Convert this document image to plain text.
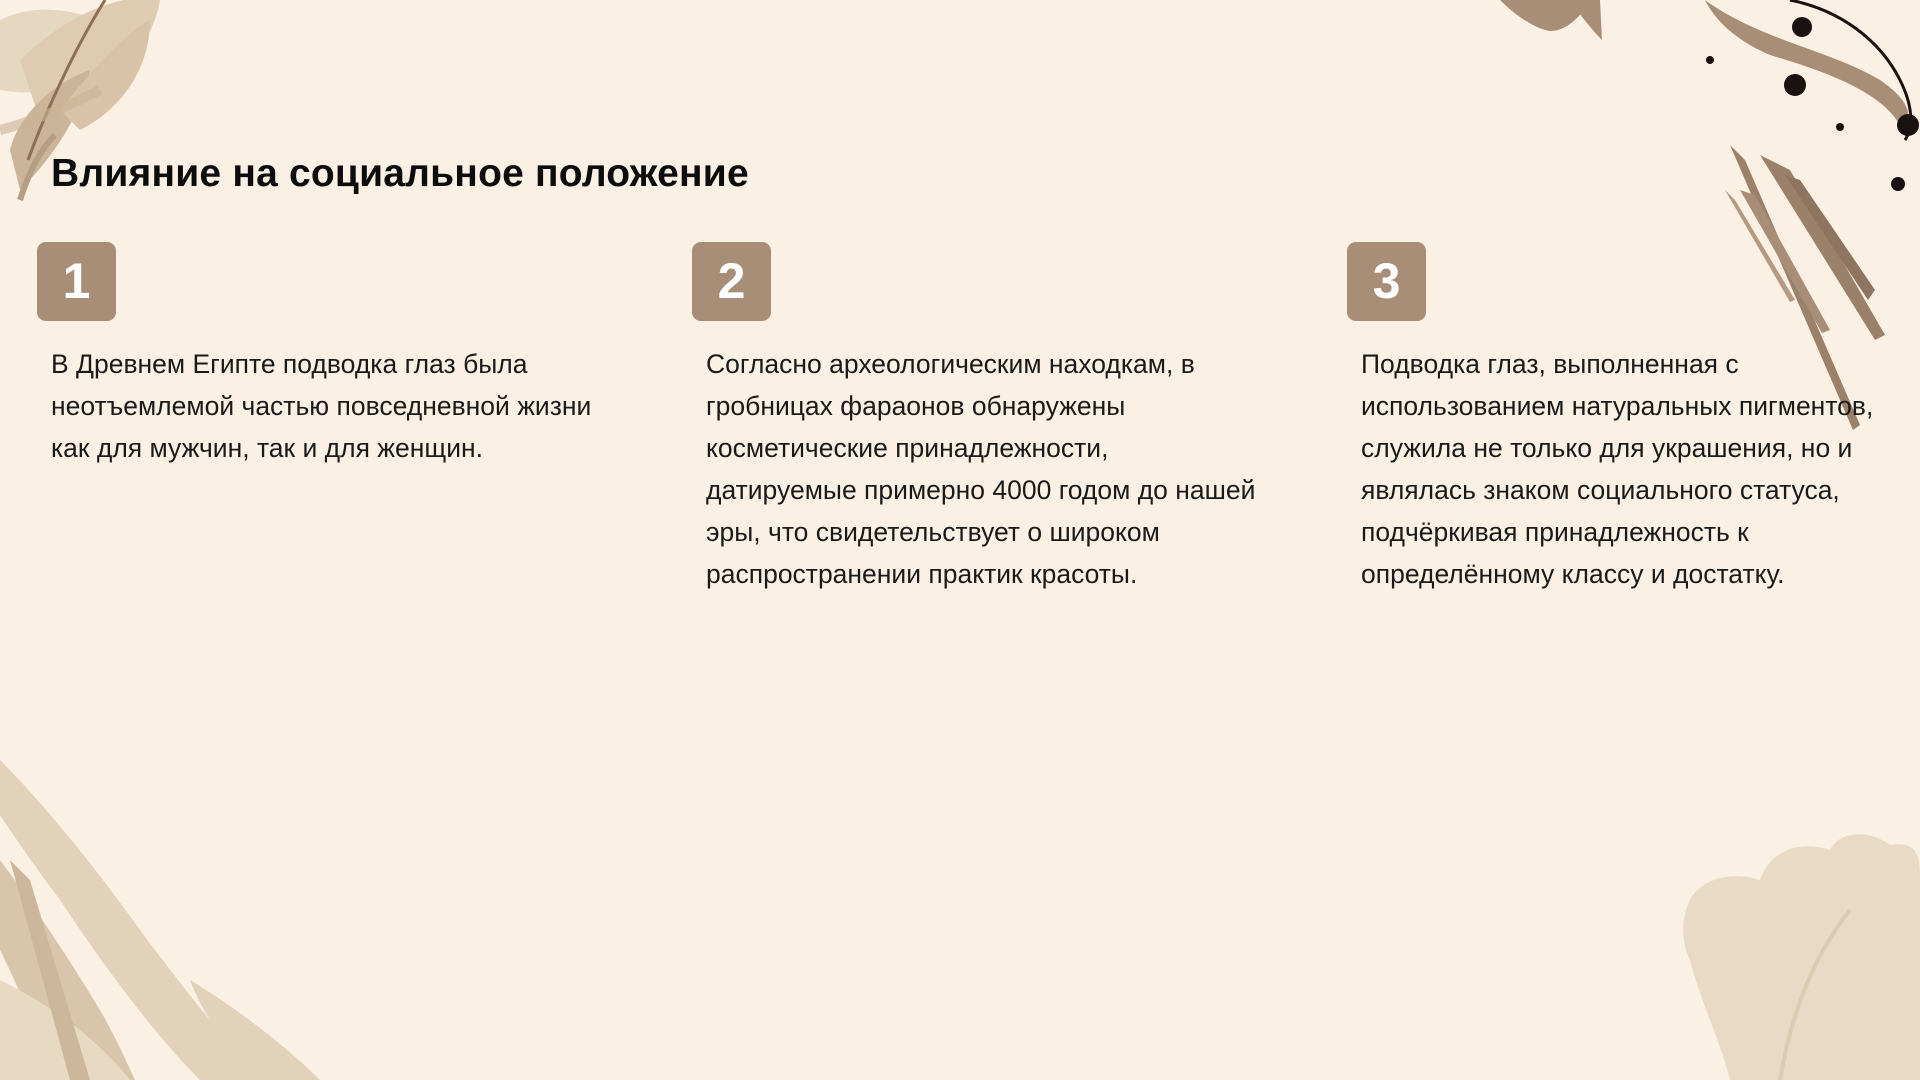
Влияние на социальное положение
1

В Древнем Египте подводка глаз была неотъемлемой частью повседневной жизни как для мужчин, так и для женщин.

2

Согласно археологическим находкам, в гробницах фараонов обнаружены косметические принадлежности, датируемые примерно 4000 годом до нашей эры, что свидетельствует о широком распространении практик красоты.

3

Подводка глаз, выполненная с использованием натуральных пигментов, служила не только для украшения, но и являлась знаком социального статуса, подчёркивая принадлежность к определённому классу и достатку.
